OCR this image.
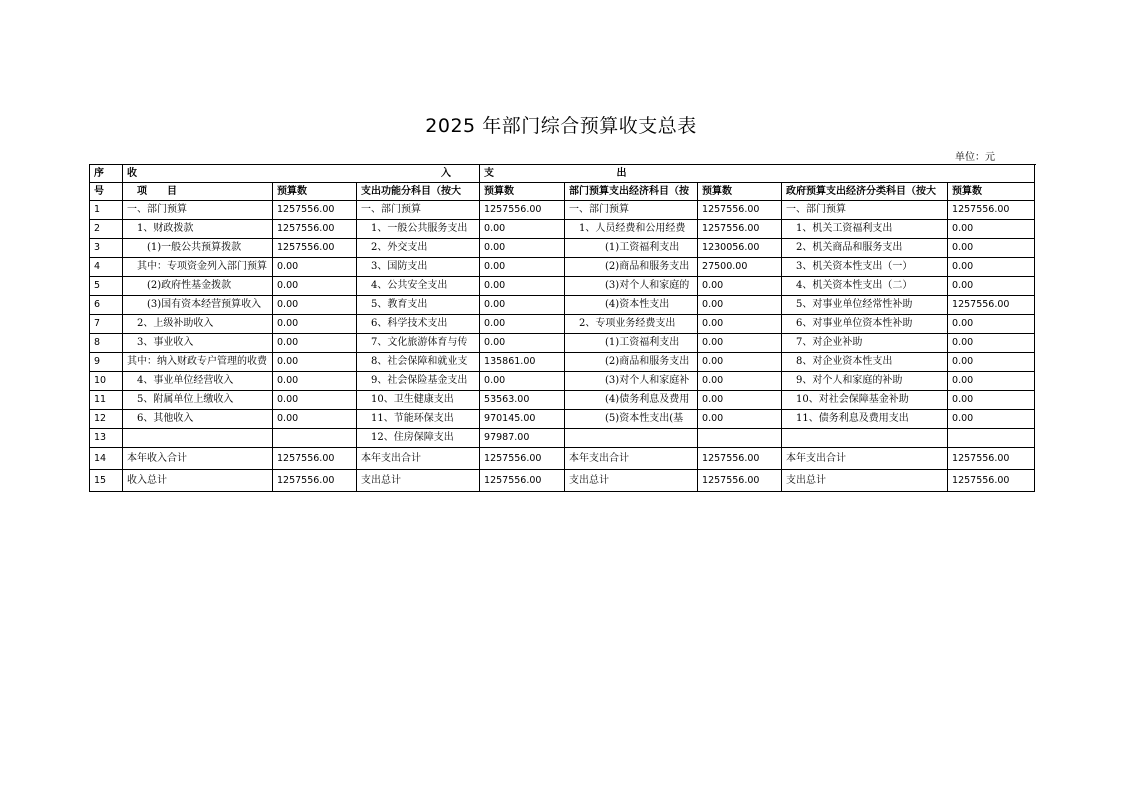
2025 年部门综合预算收支总表
单位：元
序	收 入			支 出				
号	项　　目	预算数	支出功能分科目（按大	预算数	部门预算支出经济科目（按	预算数	政府预算支出经济分类科目（按大	预算数
1	一、部门预算	1257556.00	一、部门预算	1257556.00	一、部门预算	1257556.00	一、部门预算	1257556.00
2	1、财政拨款	1257556.00	1、一般公共服务支出	0.00	1、人员经费和公用经费	1257556.00	1、机关工资福利支出	0.00
3	(1)一般公共预算拨款	1257556.00	2、外交支出	0.00	(1)工资福利支出	1230056.00	2、机关商品和服务支出	0.00
4	其中：专项资金列入部门预算	0.00	3、国防支出	0.00	(2)商品和服务支出	27500.00	3、机关资本性支出（一）	0.00
5	(2)政府性基金拨款	0.00	4、公共安全支出	0.00	(3)对个人和家庭的	0.00	4、机关资本性支出（二）	0.00
6	(3)国有资本经营预算收入	0.00	5、教育支出	0.00	(4)资本性支出	0.00	5、对事业单位经常性补助	1257556.00
7	2、上级补助收入	0.00	6、科学技术支出	0.00	2、专项业务经费支出	0.00	6、对事业单位资本性补助	0.00
8	3、事业收入	0.00	7、文化旅游体育与传	0.00	(1)工资福利支出	0.00	7、对企业补助	0.00
9	其中：纳入财政专户管理的收费	0.00	8、社会保障和就业支	135861.00	(2)商品和服务支出	0.00	8、对企业资本性支出	0.00
10	4、事业单位经营收入	0.00	9、社会保险基金支出	0.00	(3)对个人和家庭补	0.00	9、对个人和家庭的补助	0.00
11	5、附属单位上缴收入	0.00	10、卫生健康支出	53563.00	(4)债务利息及费用	0.00	10、对社会保障基金补助	0.00
12	6、其他收入	0.00	11、节能环保支出	970145.00	(5)资本性支出(基	0.00	11、债务利息及费用支出	0.00
13			12、住房保障支出	97987.00				
14	本年收入合计	1257556.00	本年支出合计	1257556.00	本年支出合计	1257556.00	本年支出合计	1257556.00
15	收入总计	1257556.00	支出总计	1257556.00	支出总计	1257556.00	支出总计	1257556.00
